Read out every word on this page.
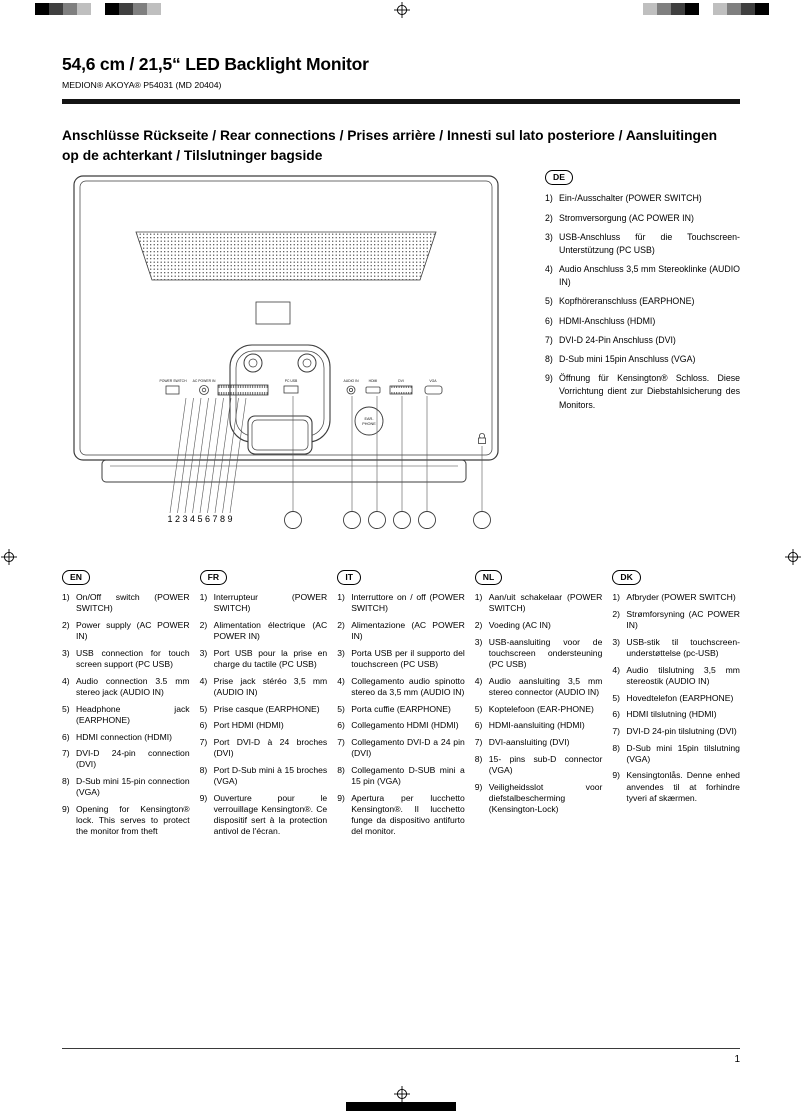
54,6 cm / 21,5“ LED Backlight Monitor
MEDION® AKOYA® P54031 (MD 20404)
Anschlüsse Rückseite / Rear connections / Prises arrière / Innesti sul lato posteriore / Aansluitingen op de achterkant / Tilslutninger bagside
POWER SWITCH AC POWER IN	PC USB	AUDIO IN	HDMI	DVI	VGA
EAR-
PHONE
1 2 3 4 5 6 7 8 9
DE
1) Ein-/Ausschalter (POWER SWITCH)
2) Stromversorgung (AC POWER IN)
3) USB-Anschluss für die Touchscreen-Unterstützung (PC USB)
4) Audio Anschluss 3,5 mm Stereoklinke (AUDIO IN)
5) Kopfhöreranschluss (EARPHONE)
6) HDMI-Anschluss (HDMI)
7) DVI-D 24-Pin Anschluss (DVI)
8) D-Sub mini 15pin Anschluss (VGA)
9) Öffnung für Kensington® Schloss. Diese Vorrichtung dient zur Diebstahlsicherung des Monitors.
EN
1) On/Off switch (POWER SWITCH)
2) Power supply (AC POWER IN)
3) USB connection for touch screen support (PC USB)
4) Audio connection 3.5 mm stereo jack (AUDIO IN)
5) Headphone jack (EARPHONE)
6) HDMI connection (HDMI)
7) DVI-D 24-pin connection (DVI)
8) D-Sub mini 15-pin connection (VGA)
9) Opening for Kensington® lock. This serves to protect the monitor from theft
FR
1) Interrupteur (POWER SWITCH)
2) Alimentation électrique (AC POWER IN)
3) Port USB pour la prise en charge du tactile (PC USB)
4) Prise jack stéréo 3,5 mm (AUDIO IN)
5) Prise casque (EARPHONE)
6) Port HDMI (HDMI)
7) Port DVI-D à 24 broches (DVI)
8) Port D-Sub mini à 15 broches (VGA)
9) Ouverture pour le verrouillage Kensington®. Ce dispositif sert à la protection antivol de l'écran.
IT
1) Interruttore on / off (POWER SWITCH)
2) Alimentazione (AC POWER IN)
3) Porta USB per il supporto del touchscreen (PC USB)
4) Collegamento audio spinotto stereo da 3,5 mm (AUDIO IN)
5) Porta cuffie (EARPHONE)
6) Collegamento HDMI (HDMI)
7) Collegamento DVI-D a 24 pin (DVI)
8) Collegamento D-SUB mini a 15 pin (VGA)
9) Apertura per lucchetto Kensington®. Il lucchetto funge da dispositivo antifurto del monitor.
NL
1) Aan/uit schakelaar (POWER SWITCH)
2) Voeding (AC IN)
3) USB-aansluiting voor de touchscreen ondersteuning (PC USB)
4) Audio aansluiting 3,5 mm stereo connector (AUDIO IN)
5) Koptelefoon (EAR-PHONE)
6) HDMI-aansluiting (HDMI)
7) DVI-aansluiting (DVI)
8) 15- pins sub-D connector (VGA)
9) Veiligheidsslot voor diefstalbescherming (Kensington-Lock)
DK
1) Afbryder (POWER SWITCH)
2) Strømforsyning (AC POWER IN)
3) USB-stik til touchscreen-understøttelse (pc-USB)
4) Audio tilslutning 3,5 mm stereostik (AUDIO IN)
5) Hovedtelefon (EARPHONE)
6) HDMI tilslutning (HDMI)
7) DVI-D 24-pin tilslutning (DVI)
8) D-Sub mini 15pin tilslutning (VGA)
9) Kensingtonlås. Denne enhed anvendes til at forhindre tyveri af skærmen.
1
